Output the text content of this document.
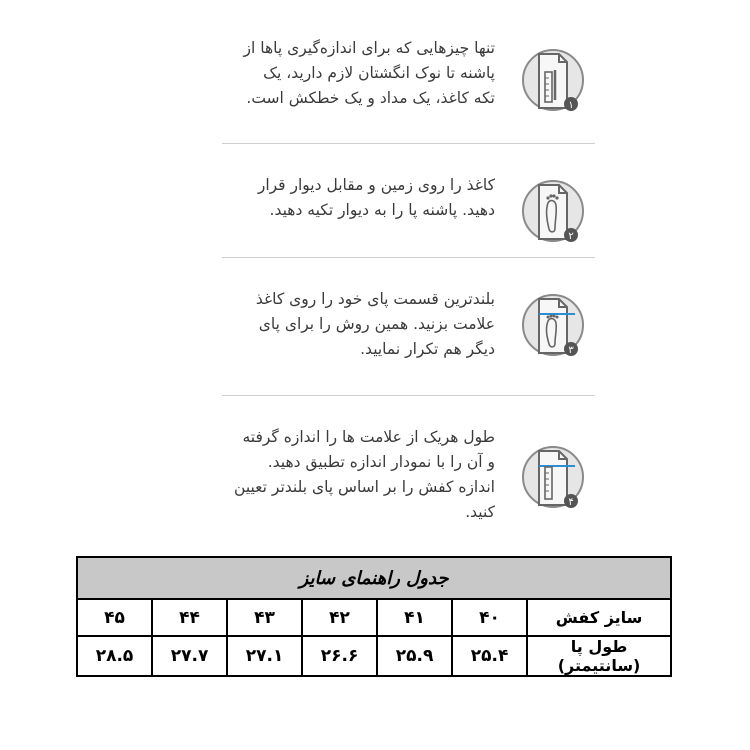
تنها چیزهایی که برای اندازه‌گیری پاها از
پاشنه تا نوک انگشتان لازم دارید، یک
تکه کاغذ، یک مداد و یک خطکش است.	۱
کاغذ را روی زمین و مقابل دیوار قرار
دهید. پاشنه پا را به دیوار تکیه دهید.
۲
بلندترین قسمت پای خود را روی کاغذ
علامت بزنید. همین روش را برای پای
دیگر هم تکرار نمایید.	۳
طول هریک از علامت ها را اندازه گرفته
و آن را با نمودار اندازه تطبیق دهید.
اندازه کفش را بر اساس پای بلندتر تعیین
کنید.
۴
جدول راهنمای سایز						
سایز کفش	۴۰	۴۱	۴۲	۴۳	۴۴	۴۵
طول پا (سانتیمتر)	۲۵.۴	۲۵.۹	۲۶.۶	۲۷.۱	۲۷.۷	۲۸.۵
